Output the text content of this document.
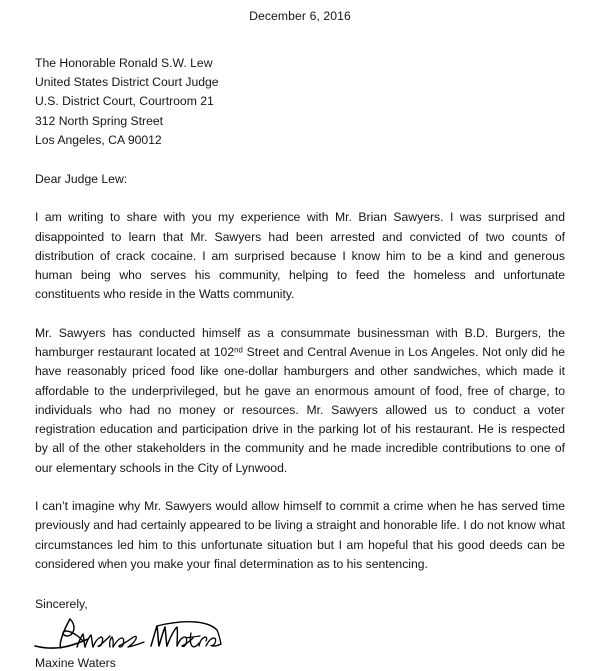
December 6, 2016
The Honorable Ronald S.W. Lew
United States District Court Judge
U.S. District Court, Courtroom 21
312 North Spring Street
Los Angeles, CA 90012
Dear Judge Lew:

I am writing to share with you my experience with Mr. Brian Sawyers. I was surprised and disappointed to learn that Mr. Sawyers had been arrested and convicted of two counts of distribution of crack cocaine. I am surprised because I know him to be a kind and generous human being who serves his community, helping to feed the homeless and unfortunate constituents who reside in the Watts community.

Mr. Sawyers has conducted himself as a consummate businessman with B.D. Burgers, the hamburger restaurant located at 102nd Street and Central Avenue in Los Angeles. Not only did he have reasonably priced food like one-dollar hamburgers and other sandwiches, which made it affordable to the underprivileged, but he gave an enormous amount of food, free of charge, to individuals who had no money or resources. Mr. Sawyers allowed us to conduct a voter registration education and participation drive in the parking lot of his restaurant. He is respected by all of the other stakeholders in the community and he made incredible contributions to one of our elementary schools in the City of Lynwood.

I can’t imagine why Mr. Sawyers would allow himself to commit a crime when he has served time previously and had certainly appeared to be living a straight and honorable life. I do not know what circumstances led him to this unfortunate situation but I am hopeful that his good deeds can be considered when you make your final determination as to his sentencing.

Sincerely,
Maxine Waters
